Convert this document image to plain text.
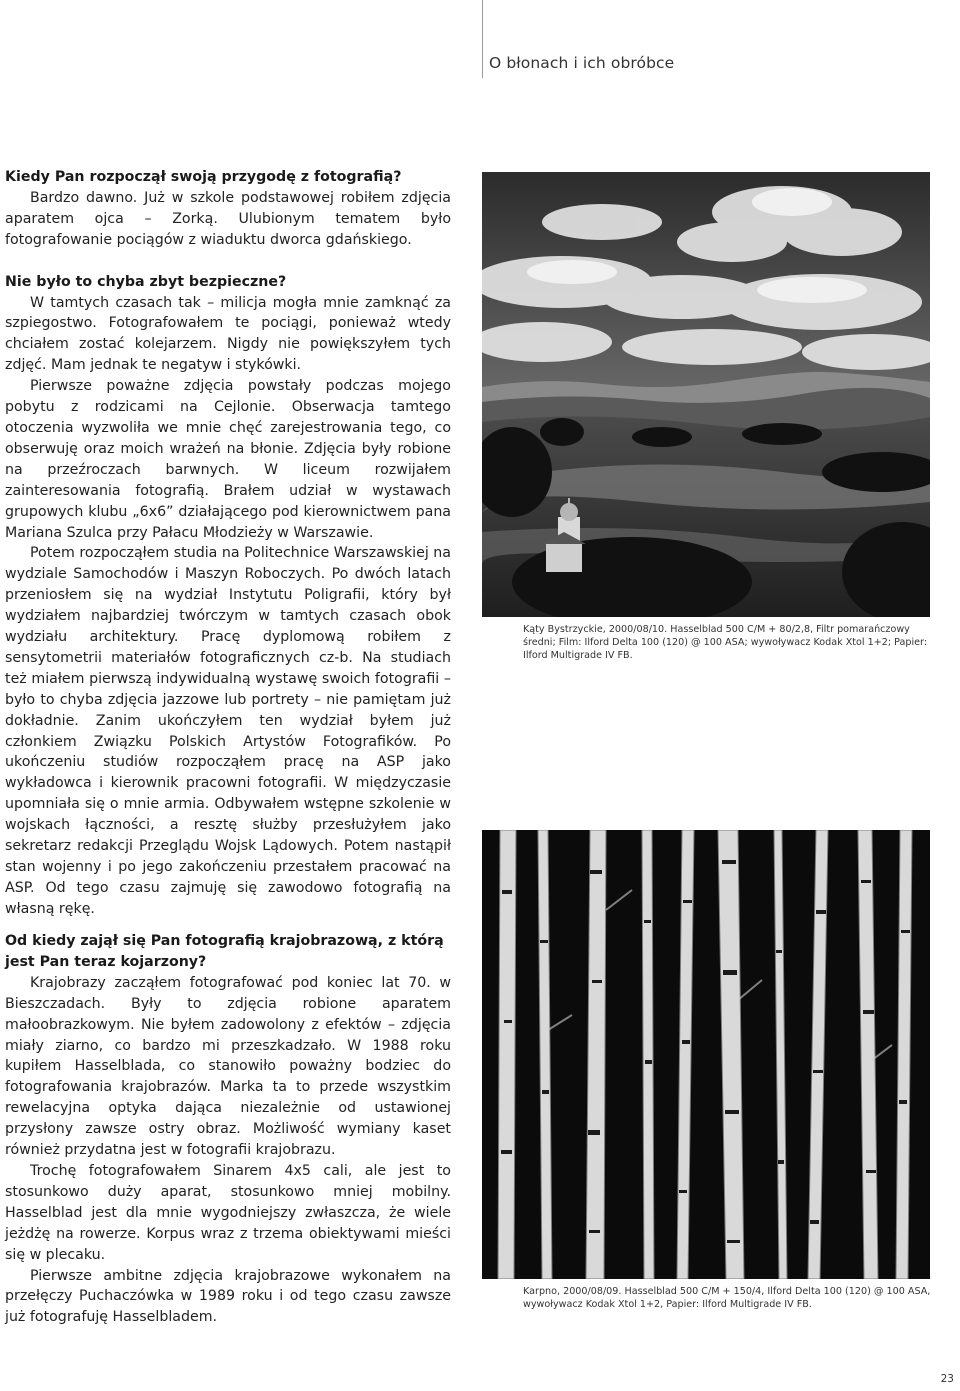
O błonach i ich obróbce
Kiedy Pan rozpoczął swoją przygodę z fotografią?

Bardzo dawno. Już w szkole podstawowej robiłem zdjęcia aparatem ojca – Zorką. Ulubionym tematem było fotografowanie pociągów z wiaduktu dworca gdańskiego.

Nie było to chyba zbyt bezpieczne?

W tamtych czasach tak – milicja mogła mnie zamknąć za szpiegostwo. Fotografowałem te pociągi, ponieważ wtedy chciałem zostać kolejarzem. Nigdy nie powiększyłem tych zdjęć. Mam jednak te negatyw i stykówki.

Pierwsze poważne zdjęcia powstały podczas mojego pobytu z rodzicami na Cejlonie. Obserwacja tamtego otoczenia wyzwoliła we mnie chęć zarejestrowania tego, co obserwuję oraz moich wrażeń na błonie. Zdjęcia były robione na przeźroczach barwnych. W liceum rozwijałem zainteresowania fotografią. Brałem udział w wystawach grupowych klubu „6x6” działającego pod kierownictwem pana Mariana Szulca przy Pałacu Młodzieży w Warszawie.

Potem rozpocząłem studia na Politechnice Warszawskiej na wydziale Samochodów i Maszyn Roboczych. Po dwóch latach przeniosłem się na wydział Instytutu Poligrafii, który był wydziałem najbardziej twórczym w tamtych czasach obok wydziału architektury. Pracę dyplomową robiłem z sensytometrii materiałów fotograficznych cz-b. Na studiach też miałem pierwszą indywidualną wystawę swoich fotografii – było to chyba zdjęcia jazzowe lub portrety – nie pamiętam już dokładnie. Zanim ukończyłem ten wydział byłem już członkiem Związku Polskich Artystów Fotografików. Po ukończeniu studiów rozpocząłem pracę na ASP jako wykładowca i kierownik pracowni fotografii. W międzyczasie upomniała się o mnie armia. Odbywałem wstępne szkolenie w wojskach łączności, a resztę służby przesłużyłem jako sekretarz redakcji Przeglądu Wojsk Lądowych. Potem nastąpił stan wojenny i po jego zakończeniu przestałem pracować na ASP. Od tego czasu zajmuję się zawodowo fotografią na własną rękę.

Od kiedy zajął się Pan fotografią krajobrazową, z którą jest Pan teraz kojarzony?

Krajobrazy zacząłem fotografować pod koniec lat 70. w Bieszczadach. Były to zdjęcia robione aparatem małoobrazkowym. Nie byłem zadowolony z efektów – zdjęcia miały ziarno, co bardzo mi przeszkadzało. W 1988 roku kupiłem Hasselblada, co stanowiło poważny bodziec do fotografowania krajobrazów. Marka ta to przede wszystkim rewelacyjna optyka dająca niezależnie od ustawionej przysłony zawsze ostry obraz. Możliwość wymiany kaset również przydatna jest w fotografii krajobrazu.

Trochę fotografowałem Sinarem 4x5 cali, ale jest to stosunkowo duży aparat, stosunkowo mniej mobilny. Hasselblad jest dla mnie wygodniejszy zwłaszcza, że wiele jeżdżę na rowerze. Korpus wraz z trzema obiektywami mieści się w plecaku.

Pierwsze ambitne zdjęcia krajobrazowe wykonałem na przełęczy Puchaczówka w 1989 roku i od tego czasu zawsze już fotografuję Hasselbladem.

Kąty Bystrzyckie, 2000/08/10. Hasselblad 500 C/M + 80/2,8, Filtr pomarańczowy średni; Film: Ilford Delta 100 (120) @ 100 ASA; wywoływacz Kodak Xtol 1+2; Papier: Ilford Multigrade IV FB.
Karpno, 2000/08/09. Hasselblad 500 C/M + 150/4, Ilford Delta 100 (120) @ 100 ASA, wywoływacz Kodak Xtol 1+2, Papier: Ilford Multigrade IV FB.
23
